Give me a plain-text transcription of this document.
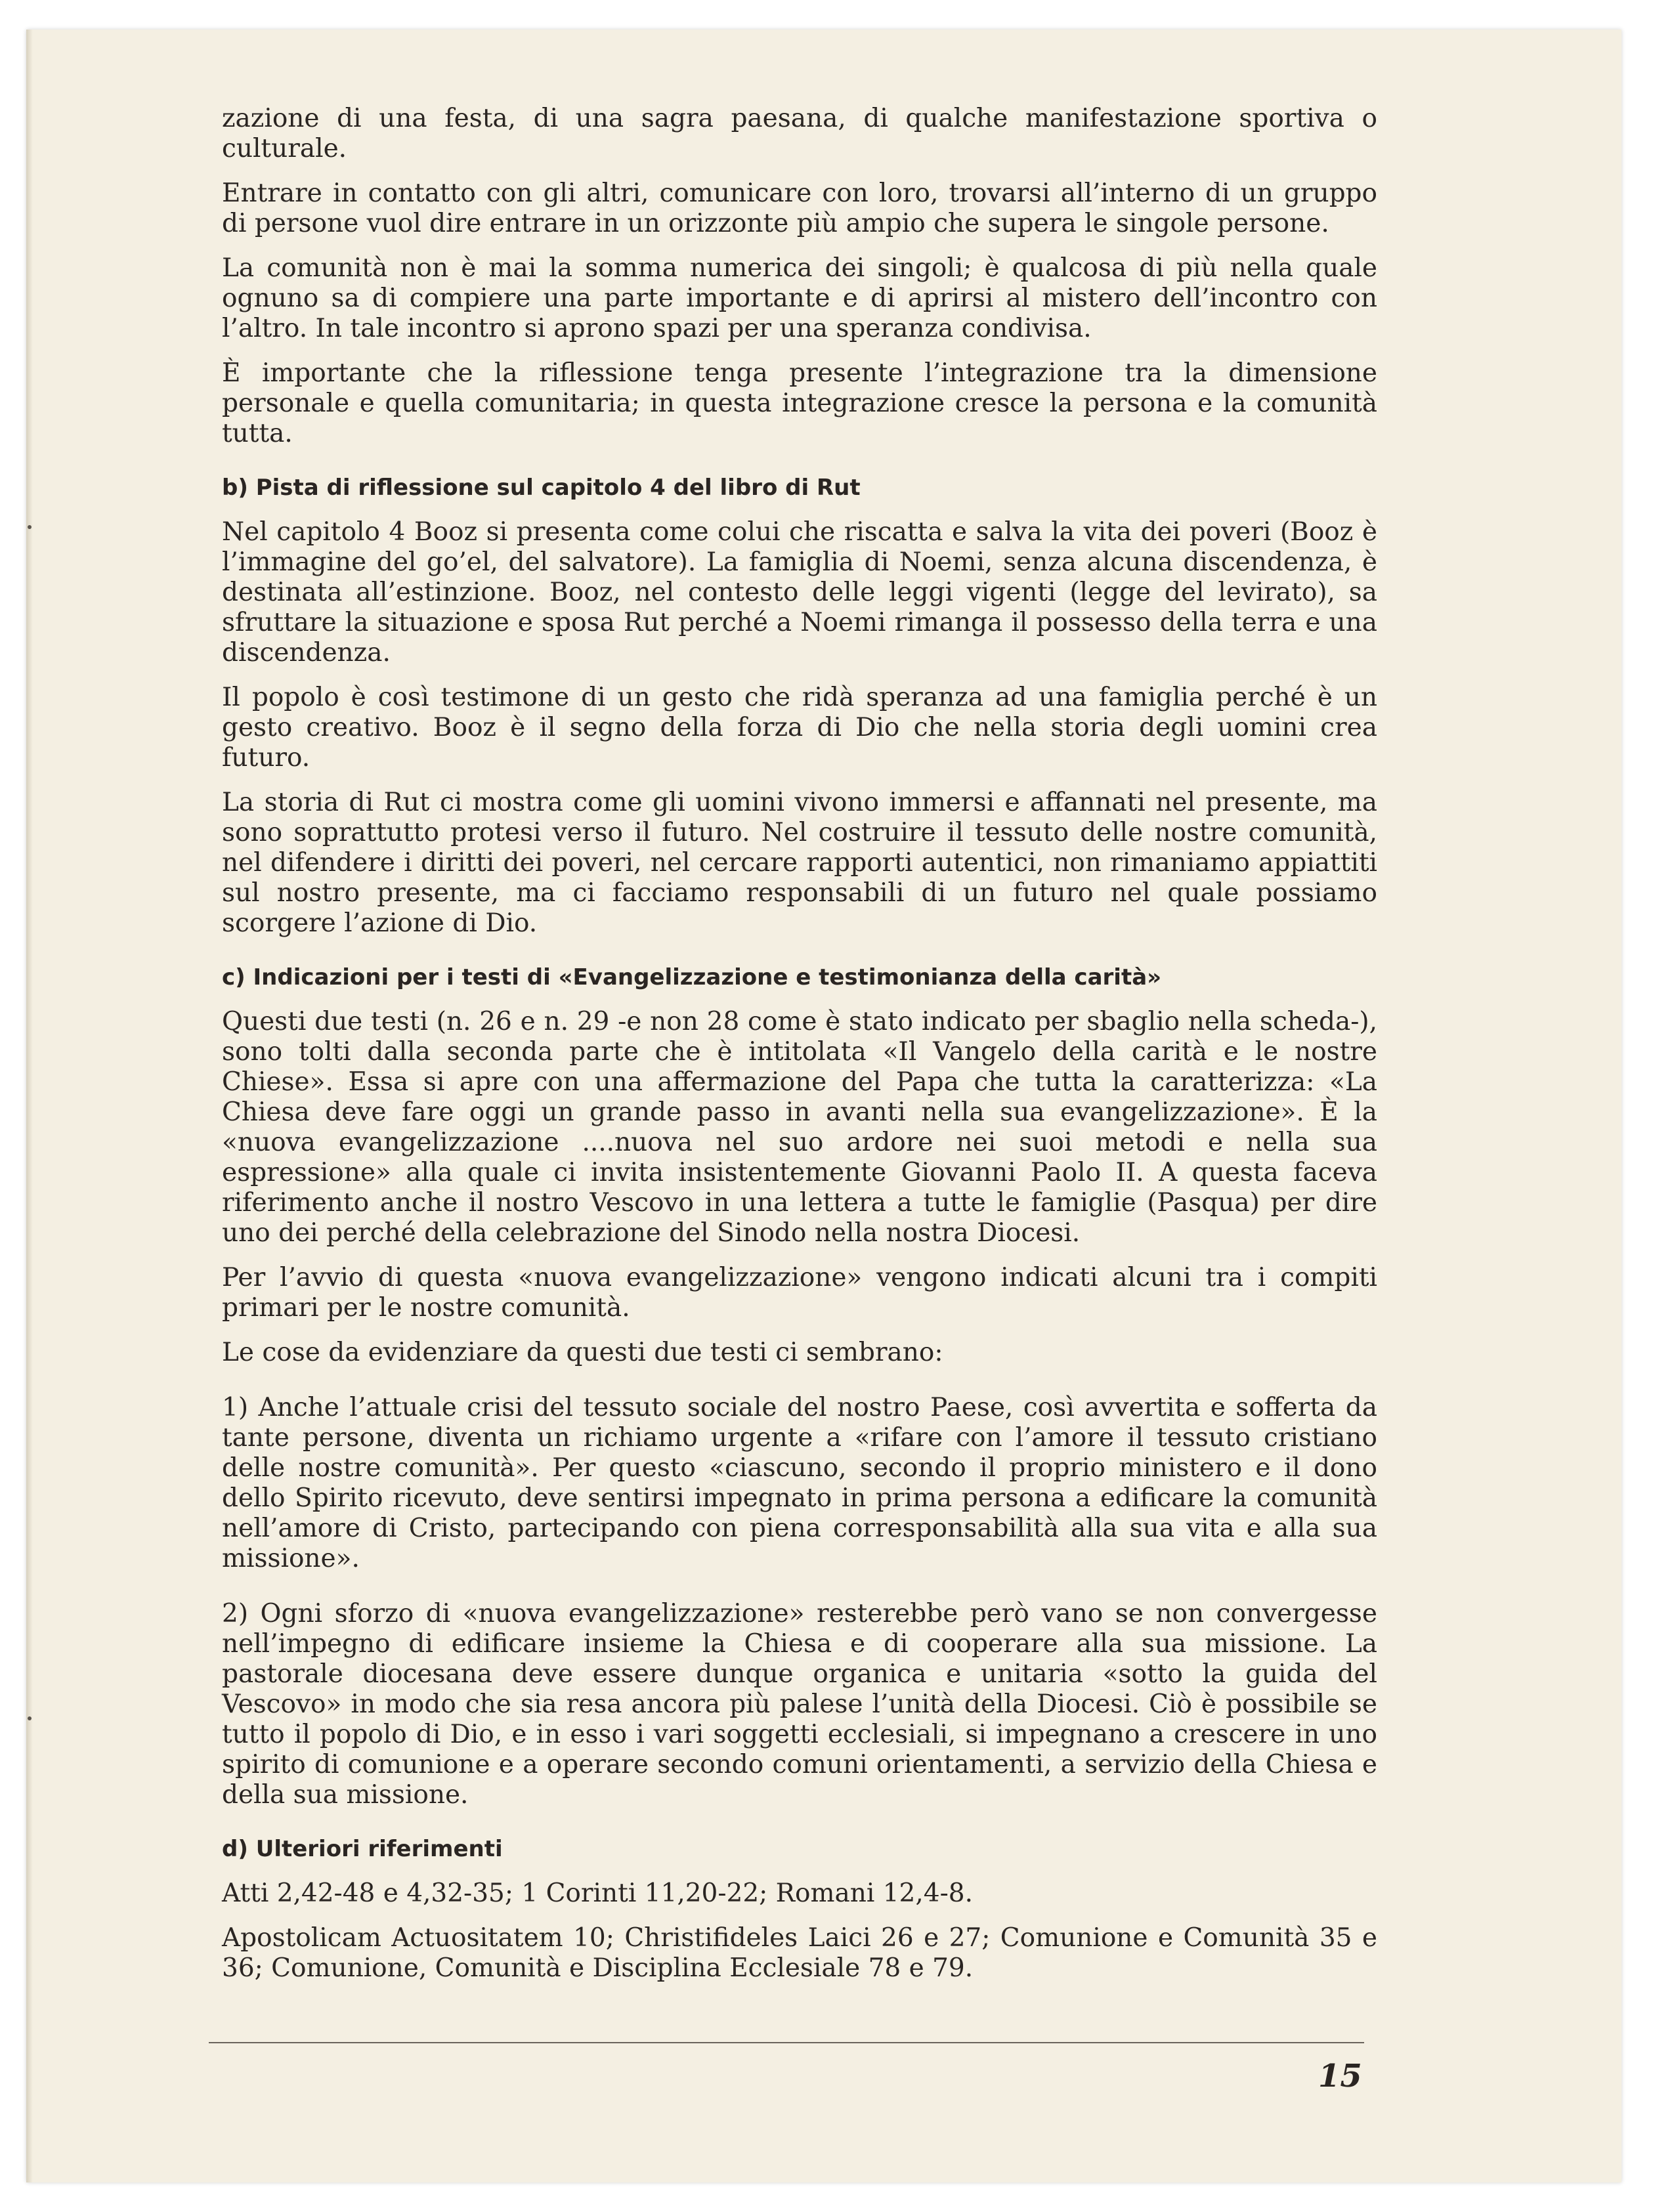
zazione di una festa, di una sagra paesana, di qualche manifestazione sportiva o culturale.

Entrare in contatto con gli altri, comunicare con loro, trovarsi all’interno di un gruppo di persone vuol dire entrare in un orizzonte più ampio che supera le singole persone.

La comunità non è mai la somma numerica dei singoli; è qualcosa di più nella quale ognuno sa di compiere una parte importante e di aprirsi al mistero dell’incontro con l’altro. In tale incontro si aprono spazi per una speranza condivisa.

È importante che la riflessione tenga presente l’integrazione tra la dimensione personale e quella comunitaria; in questa integrazione cresce la persona e la comunità tutta.

b) Pista di riflessione sul capitolo 4 del libro di Rut

Nel capitolo 4 Booz si presenta come colui che riscatta e salva la vita dei poveri (Booz è l’immagine del go’el, del salvatore). La famiglia di Noemi, senza alcuna discendenza, è destinata all’estinzione. Booz, nel contesto delle leggi vigenti (legge del levirato), sa sfruttare la situazione e sposa Rut perché a Noemi rimanga il possesso della terra e una discendenza.

Il popolo è così testimone di un gesto che ridà speranza ad una famiglia perché è un gesto creativo. Booz è il segno della forza di Dio che nella storia degli uomini crea futuro.

La storia di Rut ci mostra come gli uomini vivono immersi e affannati nel presente, ma sono soprattutto protesi verso il futuro. Nel costruire il tessuto delle nostre comunità, nel difendere i diritti dei poveri, nel cercare rapporti autentici, non rimaniamo appiattiti sul nostro presente, ma ci facciamo responsabili di un futuro nel quale possiamo scorgere l’azione di Dio.

c) Indicazioni per i testi di «Evangelizzazione e testimonianza della carità»

Questi due testi (n. 26 e n. 29 -e non 28 come è stato indicato per sbaglio nella scheda-), sono tolti dalla seconda parte che è intitolata «Il Vangelo della carità e le nostre Chiese». Essa si apre con una affermazione del Papa che tutta la caratterizza: «La Chiesa deve fare oggi un grande passo in avanti nella sua evangelizzazione». È la «nuova evangelizzazione ....nuova nel suo ardore nei suoi metodi e nella sua espressione» alla quale ci invita insistentemente Giovanni Paolo II. A questa faceva riferimento anche il nostro Vescovo in una lettera a tutte le famiglie (Pasqua) per dire uno dei perché della celebrazione del Sinodo nella nostra Diocesi.

Per l’avvio di questa «nuova evangelizzazione» vengono indicati alcuni tra i compiti primari per le nostre comunità.

Le cose da evidenziare da questi due testi ci sembrano:

1) Anche l’attuale crisi del tessuto sociale del nostro Paese, così avvertita e sofferta da tante persone, diventa un richiamo urgente a «rifare con l’amore il tessuto cristiano delle nostre comunità». Per questo «ciascuno, secondo il proprio ministero e il dono dello Spirito ricevuto, deve sentirsi impegnato in prima persona a edificare la comunità nell’amore di Cristo, partecipando con piena corresponsabilità alla sua vita e alla sua missione».

2) Ogni sforzo di «nuova evangelizzazione» resterebbe però vano se non convergesse nell’impegno di edificare insieme la Chiesa e di cooperare alla sua missione. La pastorale diocesana deve essere dunque organica e unitaria «sotto la guida del Vescovo» in modo che sia resa ancora più palese l’unità della Diocesi. Ciò è possibile se tutto il popolo di Dio, e in esso i vari soggetti ecclesiali, si impegnano a crescere in uno spirito di comunione e a operare secondo comuni orientamenti, a servizio della Chiesa e della sua missione.

d) Ulteriori riferimenti

Atti 2,42-48 e 4,32-35; 1 Corinti 11,20-22; Romani 12,4-8.

Apostolicam Actuositatem 10; Christifideles Laici 26 e 27; Comunione e Comunità 35 e 36; Comunione, Comunità e Disciplina Ecclesiale 78 e 79.

15
